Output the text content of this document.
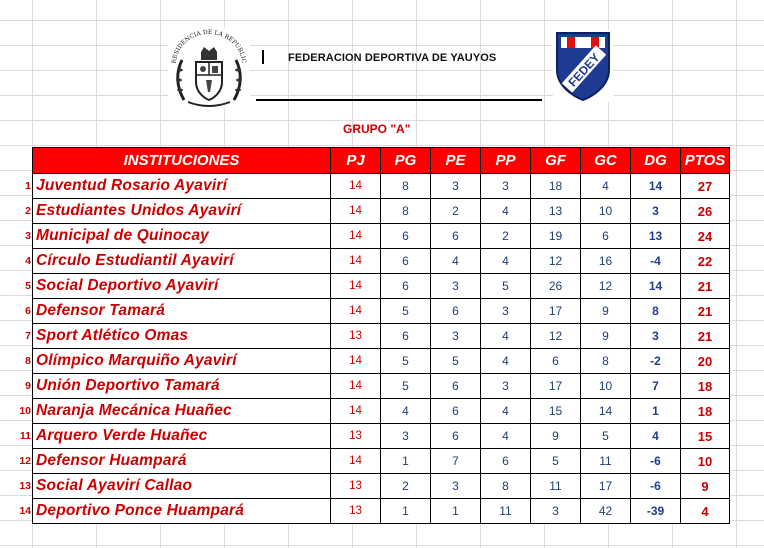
RESIDENCIA DE LA REPUBLIC	FEDERACION DEPORTIVA DE YAUYOS	FEDEY
GRUPO "A"
1
2
3
4
5
6
7
8
9
10
11
12
13
14
INSTITUCIONES	PJ	PG	PE	PP	GF	GC	DG	PTOS
Juventud Rosario Ayavirí	14	8	3	3	18	4	14	27
Estudiantes Unidos Ayavirí	14	8	2	4	13	10	3	26
Municipal de Quinocay	14	6	6	2	19	6	13	24
Círculo Estudiantil Ayavirí	14	6	4	4	12	16	-4	22
Social Deportivo Ayavirí	14	6	3	5	26	12	14	21
Defensor Tamará	14	5	6	3	17	9	8	21
Sport Atlético Omas	13	6	3	4	12	9	3	21
Olímpico Marquiño Ayavirí	14	5	5	4	6	8	-2	20
Unión Deportivo Tamará	14	5	6	3	17	10	7	18
Naranja Mecánica Huañec	14	4	6	4	15	14	1	18
Arquero Verde Huañec	13	3	6	4	9	5	4	15
Defensor Huampará	14	1	7	6	5	11	-6	10
Social Ayavirí Callao	13	2	3	8	11	17	-6	9
Deportivo Ponce Huampará	13	1	1	11	3	42	-39	4
